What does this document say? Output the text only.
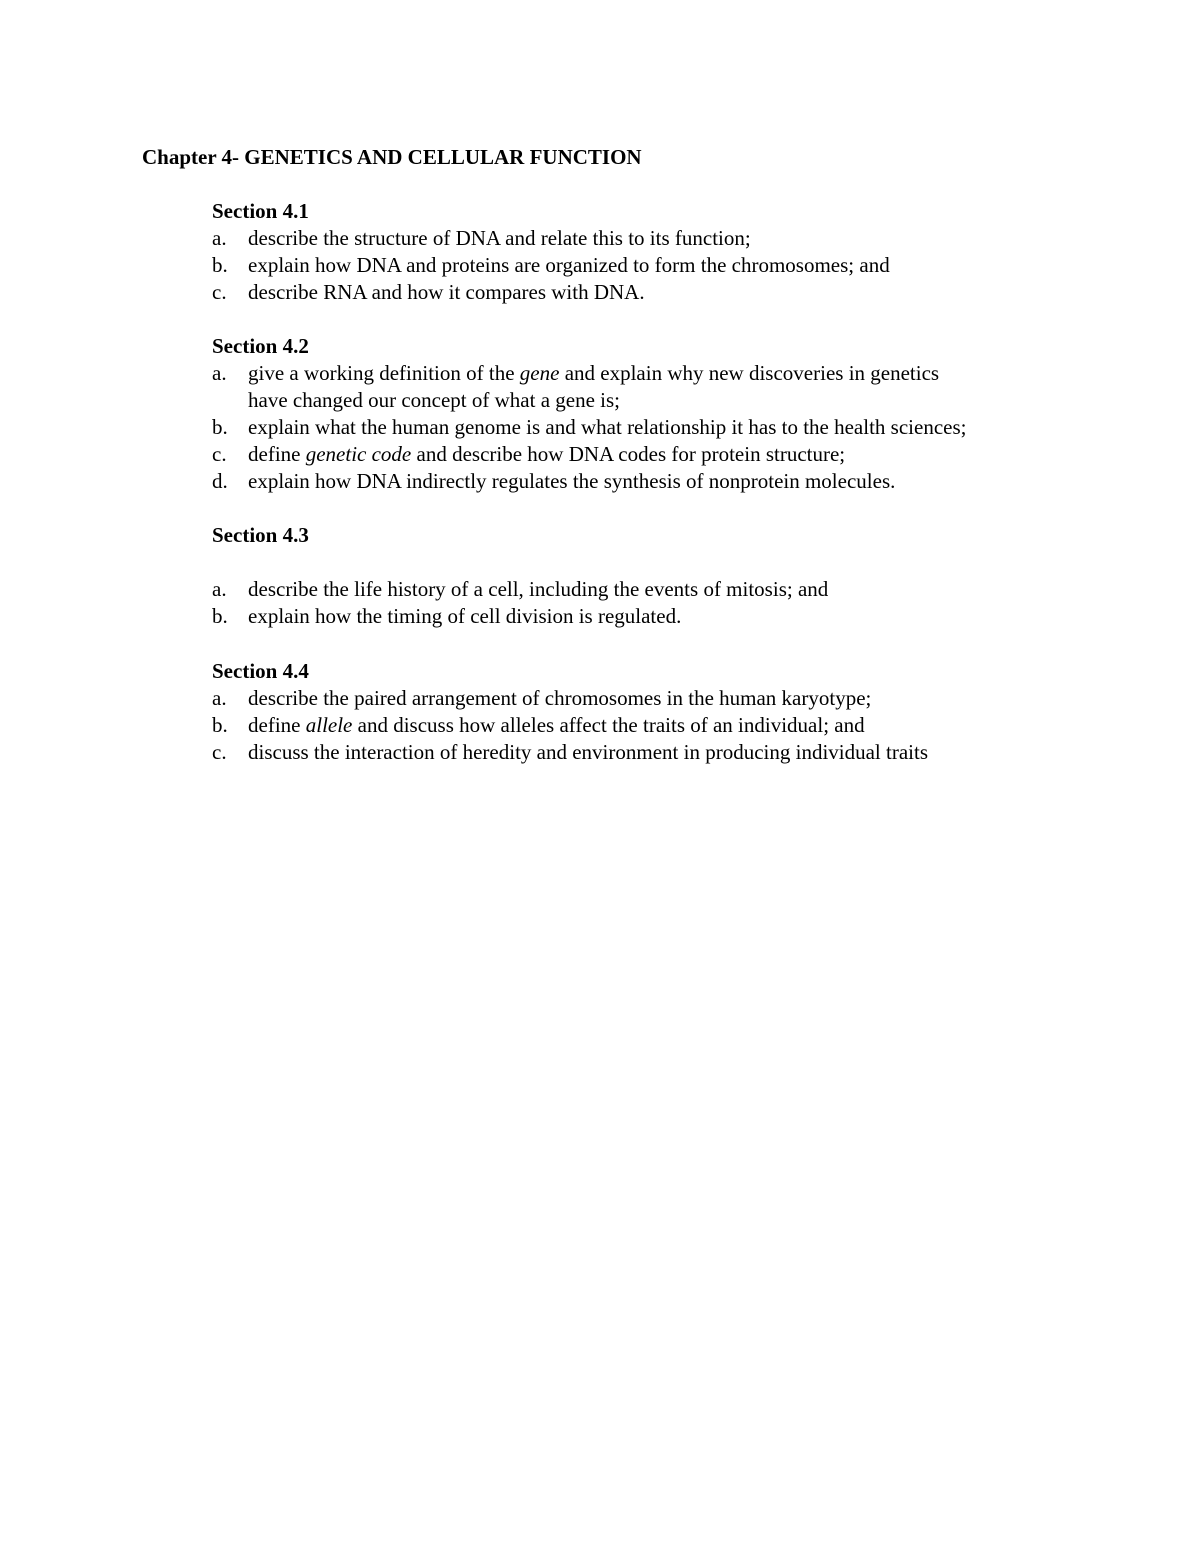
Chapter 4- GENETICS AND CELLULAR FUNCTION
Section 4.1
a. describe the structure of DNA and relate this to its function;
b. explain how DNA and proteins are organized to form the chromosomes; and
c. describe RNA and how it compares with DNA.
Section 4.2
a. give a working definition of the gene and explain why new discoveries in genetics
have changed our concept of what a gene is;
b. explain what the human genome is and what relationship it has to the health sciences;
c. define genetic code and describe how DNA codes for protein structure;
d. explain how DNA indirectly regulates the synthesis of nonprotein molecules.
Section 4.3
a. describe the life history of a cell, including the events of mitosis; and
b. explain how the timing of cell division is regulated.
Section 4.4
a. describe the paired arrangement of chromosomes in the human karyotype;
b. define allele and discuss how alleles affect the traits of an individual; and
c. discuss the interaction of heredity and environment in producing individual traits
